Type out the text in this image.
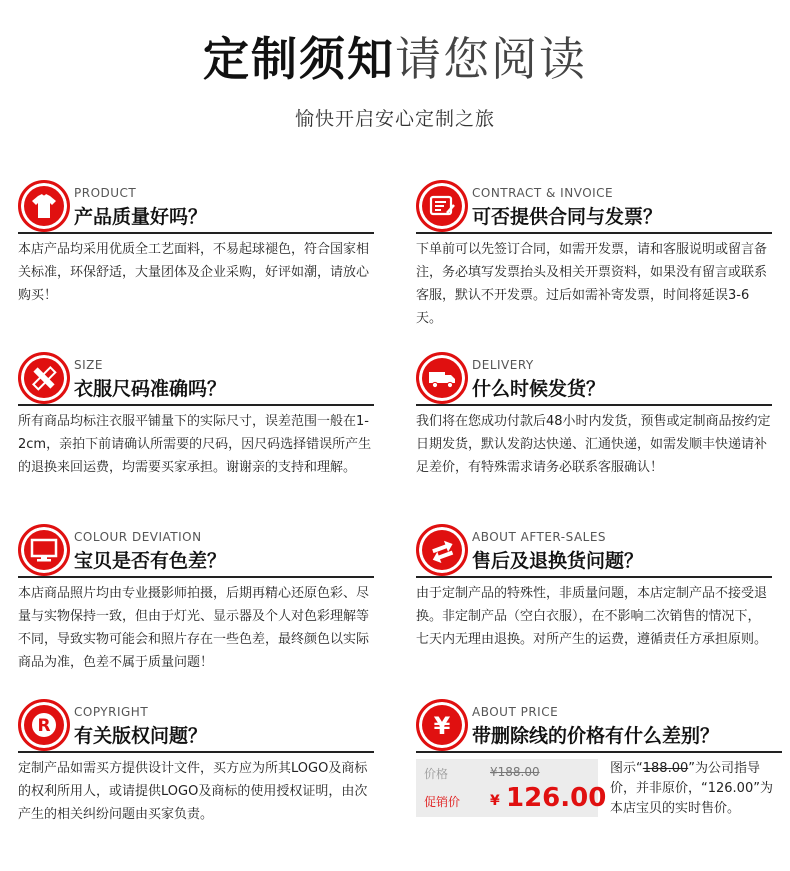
定制须知请您阅读
愉快开启安心定制之旅
PRODUCT
产品质量好吗？
本店产品均采用优质全工艺面料，不易起球褪色，符合国家相关标准，环保舒适，大量团体及企业采购，好评如潮，请放心购买！
CONTRACT & INVOICE
可否提供合同与发票？
下单前可以先签订合同，如需开发票，请和客服说明或留言备注，务必填写发票抬头及相关开票资料，如果没有留言或联系客服，默认不开发票。过后如需补寄发票，时间将延误3-6天。
SIZE
衣服尺码准确吗？
所有商品均标注衣服平铺量下的实际尺寸，误差范围一般在1-2cm，亲拍下前请确认所需要的尺码，因尺码选择错误所产生的退换来回运费，均需要买家承担。谢谢亲的支持和理解。
DELIVERY
什么时候发货？
我们将在您成功付款后48小时内发货，预售或定制商品按约定日期发货，默认发韵达快递、汇通快递，如需发顺丰快递请补足差价，有特殊需求请务必联系客服确认！
COLOUR DEVIATION
宝贝是否有色差？
本店商品照片均由专业摄影师拍摄，后期再精心还原色彩、尽量与实物保持一致，但由于灯光、显示器及个人对色彩理解等不同，导致实物可能会和照片存在一些色差，最终颜色以实际商品为准，色差不属于质量问题！
ABOUT AFTER-SALES
售后及退换货问题？
由于定制产品的特殊性，非质量问题，本店定制产品不接受退换。非定制产品（空白衣服），在不影响二次销售的情况下，七天内无理由退换。对所产生的运费，遵循责任方承担原则。
R
COPYRIGHT
有关版权问题？
定制产品如需买方提供设计文件，买方应为所其LOGO及商标的权利所用人，或请提供LOGO及商标的使用授权证明，由次产生的相关纠纷问题由买家负责。
¥ ABOUT PRICE
带删除线的价格有什么差别？
价格	¥188.00
促销价 ¥ 126.00
图示“188.00”为公司指导价，并非原价，“126.00”为本店宝贝的实时售价。
